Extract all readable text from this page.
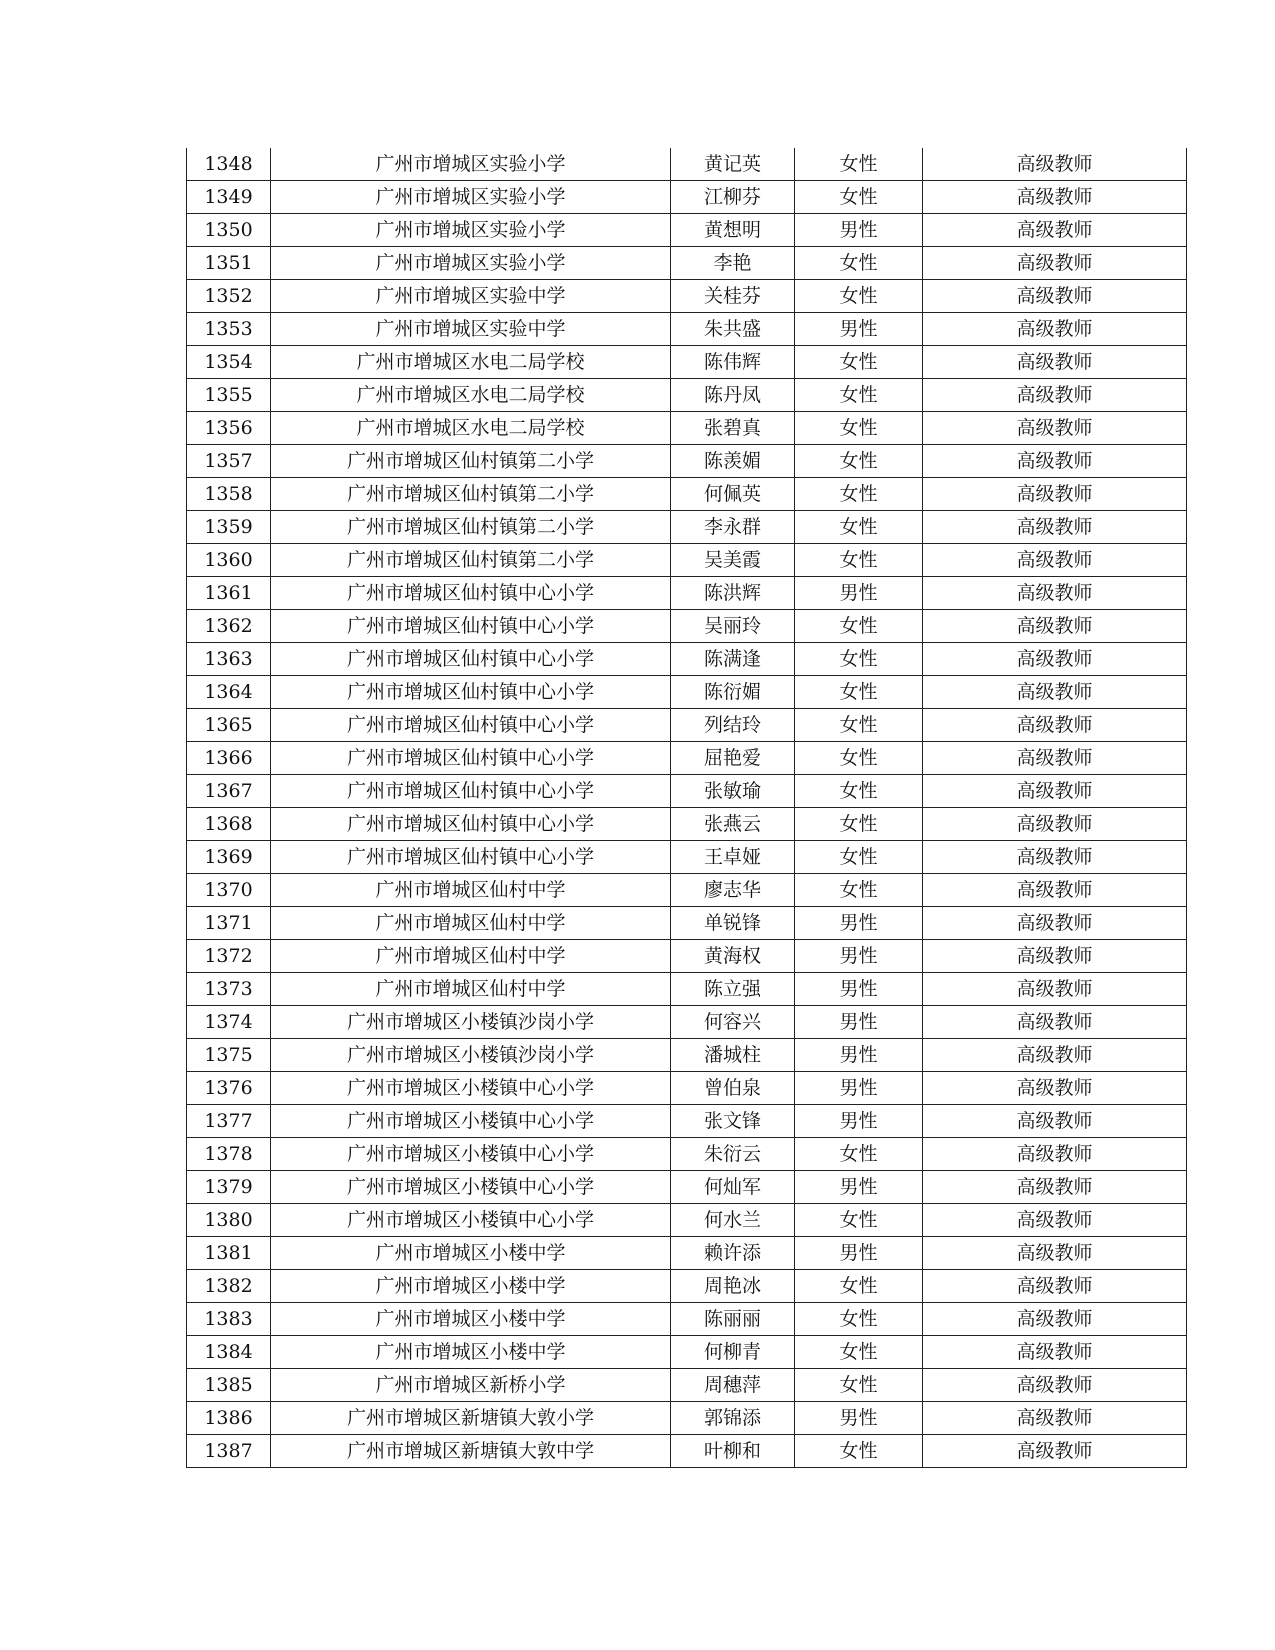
1348	广州市增城区实验小学	黄记英	女性	高级教师
1349	广州市增城区实验小学	江柳芬	女性	高级教师
1350	广州市增城区实验小学	黄想明	男性	高级教师
1351	广州市增城区实验小学	李艳	女性	高级教师
1352	广州市增城区实验中学	关桂芬	女性	高级教师
1353	广州市增城区实验中学	朱共盛	男性	高级教师
1354	广州市增城区水电二局学校	陈伟辉	女性	高级教师
1355	广州市增城区水电二局学校	陈丹凤	女性	高级教师
1356	广州市增城区水电二局学校	张碧真	女性	高级教师
1357	广州市增城区仙村镇第二小学	陈羡媚	女性	高级教师
1358	广州市增城区仙村镇第二小学	何佩英	女性	高级教师
1359	广州市增城区仙村镇第二小学	李永群	女性	高级教师
1360	广州市增城区仙村镇第二小学	吴美霞	女性	高级教师
1361	广州市增城区仙村镇中心小学	陈洪辉	男性	高级教师
1362	广州市增城区仙村镇中心小学	吴丽玲	女性	高级教师
1363	广州市增城区仙村镇中心小学	陈满逢	女性	高级教师
1364	广州市增城区仙村镇中心小学	陈衍媚	女性	高级教师
1365	广州市增城区仙村镇中心小学	列结玲	女性	高级教师
1366	广州市增城区仙村镇中心小学	屈艳爱	女性	高级教师
1367	广州市增城区仙村镇中心小学	张敏瑜	女性	高级教师
1368	广州市增城区仙村镇中心小学	张燕云	女性	高级教师
1369	广州市增城区仙村镇中心小学	王卓娅	女性	高级教师
1370	广州市增城区仙村中学	廖志华	女性	高级教师
1371	广州市增城区仙村中学	单锐锋	男性	高级教师
1372	广州市增城区仙村中学	黄海权	男性	高级教师
1373	广州市增城区仙村中学	陈立强	男性	高级教师
1374	广州市增城区小楼镇沙岗小学	何容兴	男性	高级教师
1375	广州市增城区小楼镇沙岗小学	潘城柱	男性	高级教师
1376	广州市增城区小楼镇中心小学	曾伯泉	男性	高级教师
1377	广州市增城区小楼镇中心小学	张文锋	男性	高级教师
1378	广州市增城区小楼镇中心小学	朱衍云	女性	高级教师
1379	广州市增城区小楼镇中心小学	何灿军	男性	高级教师
1380	广州市增城区小楼镇中心小学	何水兰	女性	高级教师
1381	广州市增城区小楼中学	赖许添	男性	高级教师
1382	广州市增城区小楼中学	周艳冰	女性	高级教师
1383	广州市增城区小楼中学	陈丽丽	女性	高级教师
1384	广州市增城区小楼中学	何柳青	女性	高级教师
1385	广州市增城区新桥小学	周穗萍	女性	高级教师
1386	广州市增城区新塘镇大敦小学	郭锦添	男性	高级教师
1387	广州市增城区新塘镇大敦中学	叶柳和	女性	高级教师
